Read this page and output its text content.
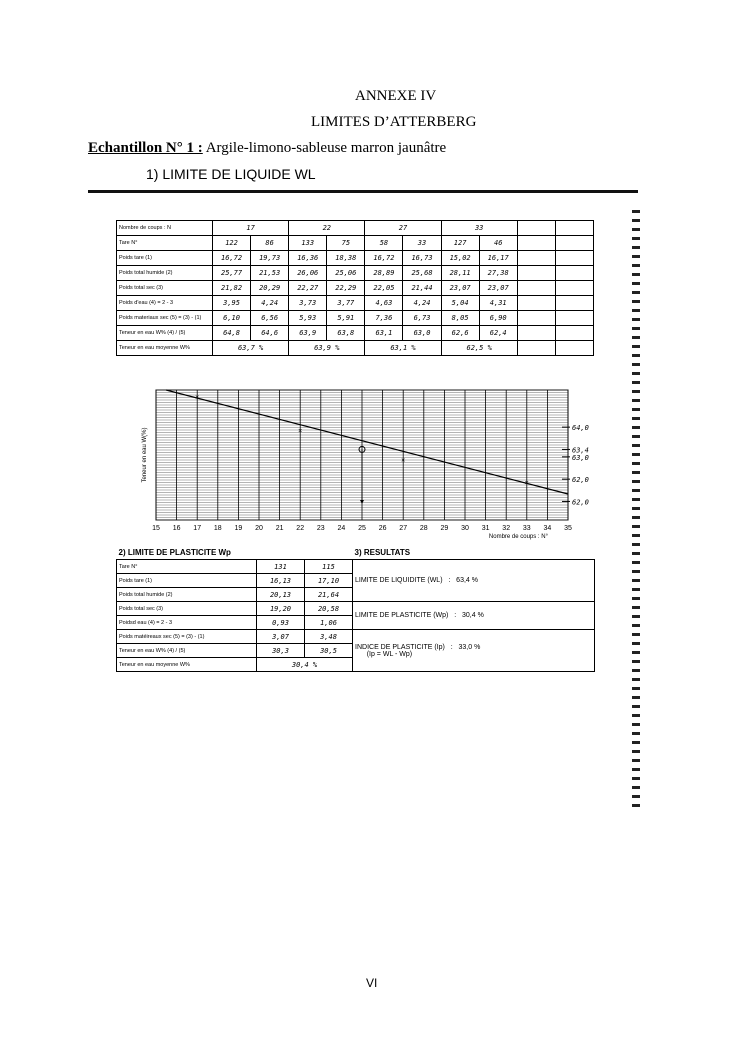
ANNEXE IV
LIMITES D’ATTERBERG
Echantillon N° 1 : Argile-limono-sableuse marron jaunâtre
1) LIMITE DE LIQUIDE WL
Nombre de coups : N	17		22		27		33			
Tare N°	122	86	133	75	58	33	127	46		
Poids tare (1)	16,72	19,73	16,36	18,38	16,72	16,73	15,02	16,17		
Poids total humide (2)	25,77	21,53	26,06	25,06	28,89	25,68	28,11	27,38		
Poids total sec (3)	21,82	20,29	22,27	22,29	22,05	21,44	23,07	23,07		
Poids d'eau (4) = 2 - 3	3,95	4,24	3,73	3,77	4,63	4,24	5,04	4,31		
Poids materiaux sec (5) = (3) - (1)	6,10	6,56	5,93	5,91	7,36	6,73	8,05	6,90		
Teneur en eau W% (4) / (5)	64,8	64,6	63,9	63,8	63,1	63,0	62,6	62,4		
Teneur en eau moyenne W%	63,7 %		63,9 %		63,1 %		62,5 %			
15 16 17 18 19 20 21 22 23 24 25 26 27 28 29 30 31 32 33 34 35
Nombre de coups : N°
Teneur en eau W(%)
×
×
×
×
64,0
63,4
63,0
62,0
62,0
2) LIMITE DE PLASTICITE Wp			3) RESULTATS
Tare N°	131	115	LIMITE DE LIQUIDITE (WL) : 63,4 %
Poids tare (1)	16,13	17,10	
Poids total humide (2)	20,13	21,64	
Poids total sec (3)	19,20	20,58	LIMITE DE PLASTICITE (Wp) : 30,4 %
Poidsd eau (4) = 2 - 3	0,93	1,06	
Poids matéireaux sec (5) = (3) - (1)	3,07	3,48	INDICE DE PLASTICITE (Ip) : 33,0 %
(Ip = WL - Wp)
Teneur en eau W% (4) / (5)	30,3	30,5	
Teneur en eau moyenne W%	30,4 %		
VI
